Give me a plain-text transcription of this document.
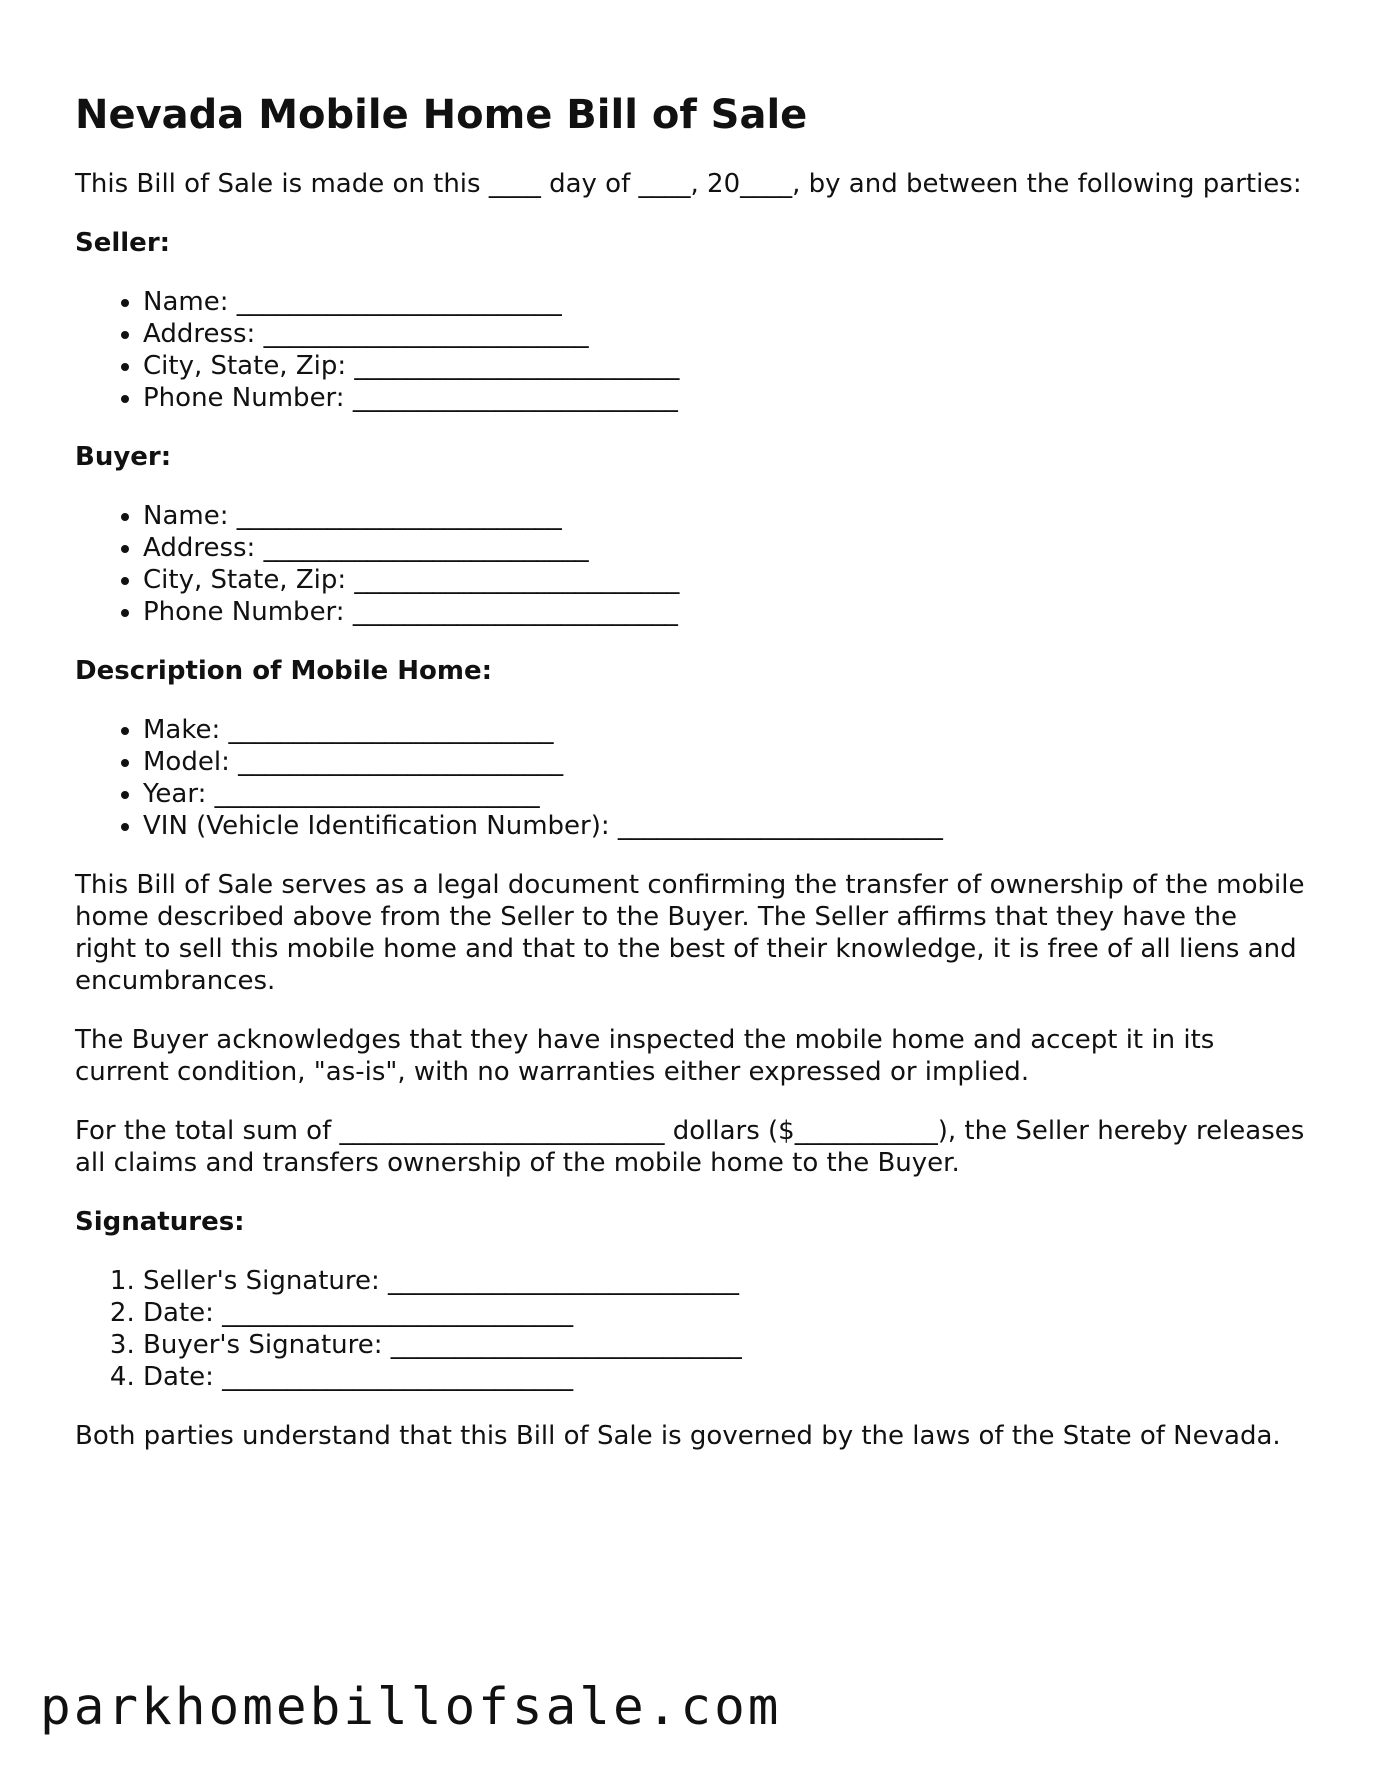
Nevada Mobile Home Bill of Sale

This Bill of Sale is made on this ____ day of ____, 20____, by and between the following parties:

Seller:
• Name: _________________________
• Address: _________________________
• City, State, Zip: _________________________
• Phone Number: _________________________
Buyer:
• Name: _________________________
• Address: _________________________
• City, State, Zip: _________________________
• Phone Number: _________________________
Description of Mobile Home:
• Make: _________________________
• Model: _________________________
• Year: _________________________
• VIN (Vehicle Identification Number): _________________________

This Bill of Sale serves as a legal document confirming the transfer of ownership of the mobile home described above from the Seller to the Buyer. The Seller affirms that they have the right to sell this mobile home and that to the best of their knowledge, it is free of all liens and encumbrances.

The Buyer acknowledges that they have inspected the mobile home and accept it in its current condition, "as-is", with no warranties either expressed or implied.

For the total sum of _________________________ dollars ($___________), the Seller hereby releases all claims and transfers ownership of the mobile home to the Buyer.

Signatures:
1. Seller's Signature: ___________________________
2. Date: ___________________________
3. Buyer's Signature: ___________________________
4. Date: ___________________________

Both parties understand that this Bill of Sale is governed by the laws of the State of Nevada.

parkhomebillofsale.com
